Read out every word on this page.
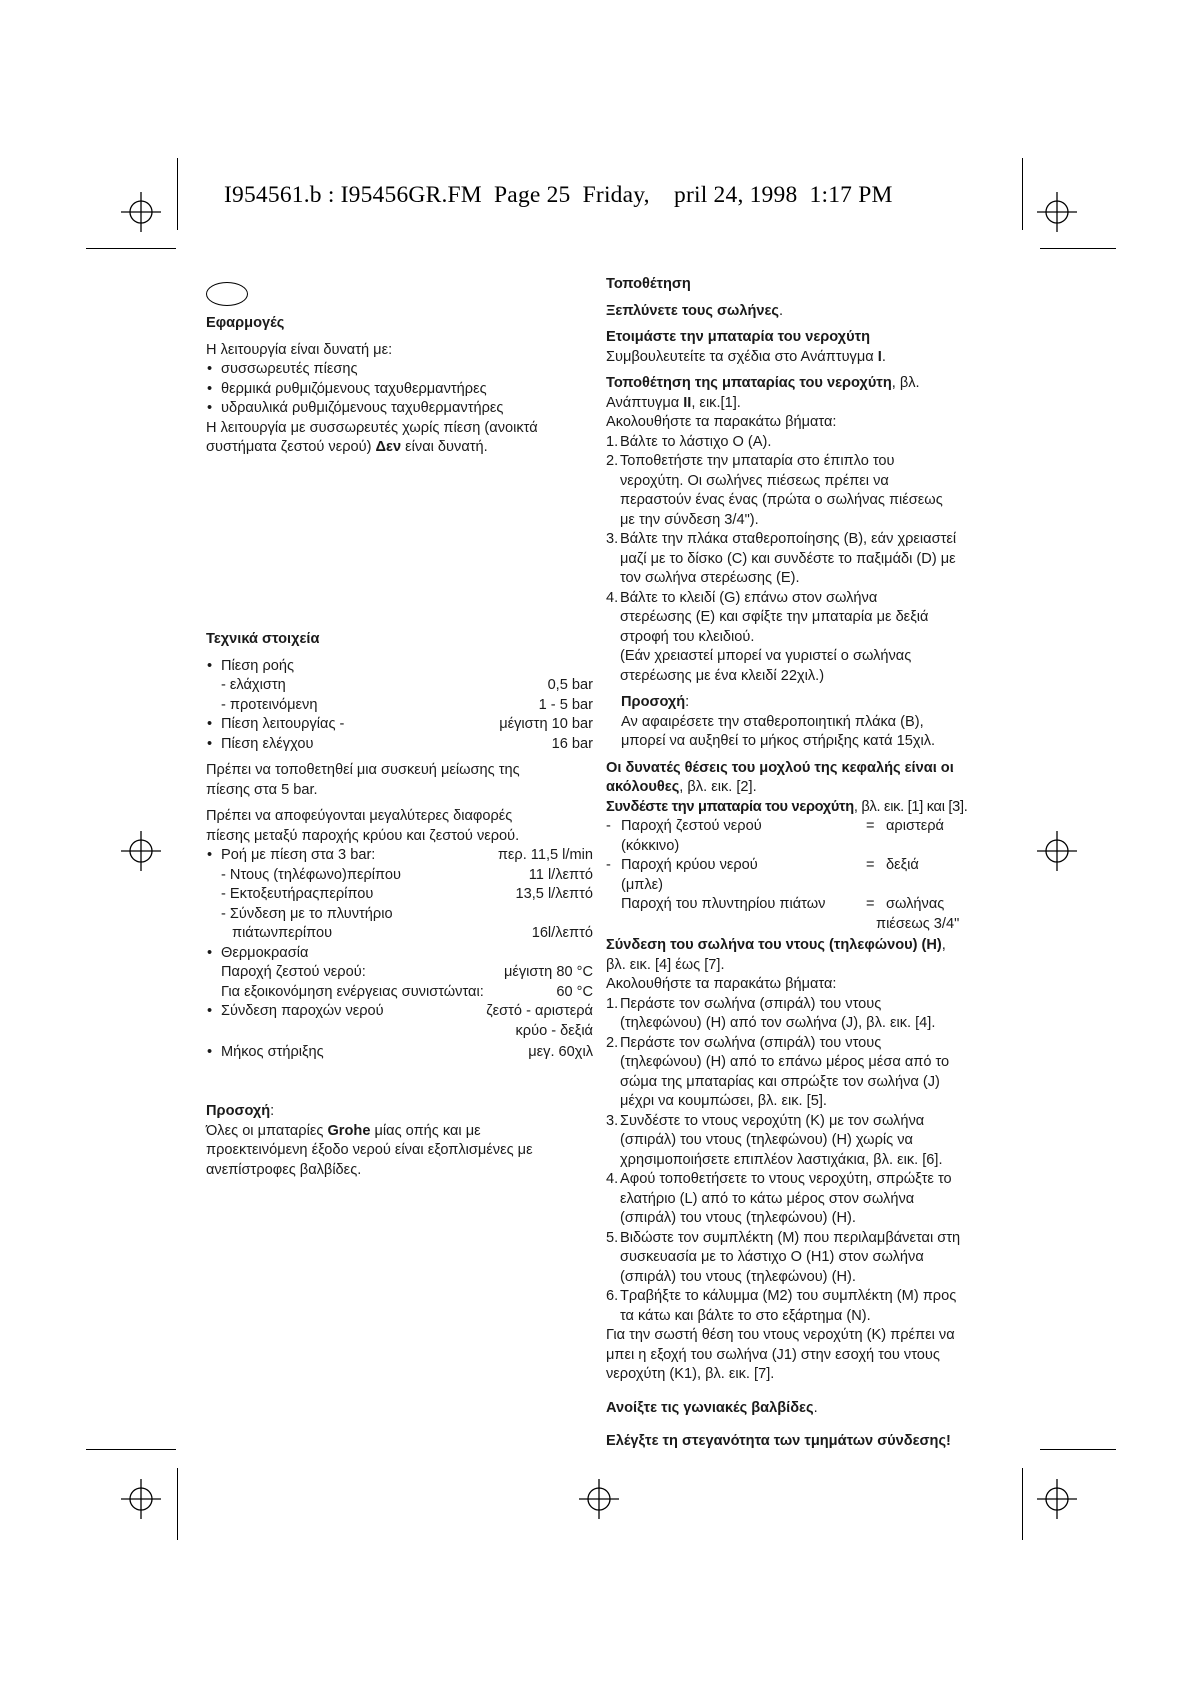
I954561.b : I95456GR.FM  Page 25  Friday,    pril 24, 1998  1:17 PM
Εφαρμογές
Η λειτουργία είναι δυνατή με:
• συσσωρευτές πίεσης
• θερμικά ρυθμιζόμενους ταχυθερμαντήρες
• υδραυλικά ρυθμιζόμενους ταχυθερμαντήρες
Η λειτουργία με συσσωρευτές χωρίς πίεση (ανοικτά
συστήματα ζεστού νερού) Δεν είναι δυνατή.
Τεχνικά στοιχεία
• Πίεση ροής
- ελάχιστη	0,5 bar
- προτεινόμενη	1 - 5 bar
• Πίεση λειτουργίας -	μέγιστη 10 bar
• Πίεση ελέγχου	16 bar
Πρέπει να τοποθετηθεί μια συσκευή μείωσης της
πίεσης στα 5 bar.
Πρέπει να αποφεύγονται μεγαλύτερες διαφορές
πίεσης μεταξύ παροχής κρύου και ζεστού νερού.
• Ροή με πίεση στα 3 bar:	περ. 11,5 l/min
- Ντους (τηλέφωνο)περίπου	11 l/λεπτό
- Εκτοξευτήραςπερίπου	13,5 l/λεπτό
- Σύνδεση με το πλυντήριο
πιάτωνπερίπου	16l/λεπτό
• Θερμοκρασία
Παροχή ζεστού νερού:	μέγιστη 80 °C
Για εξοικονόμηση ενέργειας συνιστώνται:	60 °C
• Σύνδεση παροχών νερού	ζεστό - αριστερά
κρύο - δεξιά
• Μήκος στήριξης	μεγ. 60χιλ
Προσοχή:
Όλες οι μπαταρίες Grohe μίας οπής και με
προεκτεινόμενη έξοδο νερού είναι εξοπλισμένες με
ανεπίστροφες βαλβίδες.
Τοποθέτηση
Ξεπλύνετε τους σωλήνες.
Ετοιμάστε την μπαταρία του νεροχύτη
Συμβουλευτείτε τα σχέδια στο Ανάπτυγμα I.
Τοποθέτηση της μπαταρίας του νεροχύτη, βλ.
Ανάπτυγμα II, εικ.[1].
Ακολουθήστε τα παρακάτω βήματα:
1. Βάλτε το λάστιχο O (A).
2. Τοποθετήστε την μπαταρία στο έπιπλο του
νεροχύτη. Οι σωλήνες πιέσεως πρέπει να
περαστούν ένας ένας (πρώτα ο σωλήνας πιέσεως
με την σύνδεση 3/4").
3. Βάλτε την πλάκα σταθεροποίησης (B), εάν χρειαστεί
μαζί με το δίσκο (C) και συνδέστε το παξιμάδι (D) με
τον σωλήνα στερέωσης (E).
4. Βάλτε το κλειδί (G) επάνω στον σωλήνα
στερέωσης (E) και σφίξτε την μπαταρία με δεξιά
στροφή του κλειδιού.
(Εάν χρειαστεί μπορεί να γυριστεί ο σωλήνας
στερέωσης με ένα κλειδί 22χιλ.)
Προσοχή:
Αν αφαιρέσετε την σταθεροποιητική πλάκα (B),
μπορεί να αυξηθεί το μήκος στήριξης κατά 15χιλ.
Οι δυνατές θέσεις του μοχλού της κεφαλής είναι οι
ακόλουθες, βλ. εικ. [2].
Συνδέστε την μπαταρία του νεροχύτη, βλ. εικ. [1] και [3].
- Παροχή ζεστού νερού	= αριστερά
(κόκκινο)
- Παροχή κρύου νερού	= δεξιά
(μπλε)
Παροχή του πλυντηρίου πιάτων	= σωλήνας
πιέσεως 3/4"
Σύνδεση του σωλήνα του ντους (τηλεφώνου) (H),
βλ. εικ. [4] έως [7].
Ακολουθήστε τα παρακάτω βήματα:
1. Περάστε τον σωλήνα (σπιράλ) του ντους
(τηλεφώνου) (H) από τον σωλήνα (J), βλ. εικ. [4].
2. Περάστε τον σωλήνα (σπιράλ) του ντους
(τηλεφώνου) (H) από το επάνω μέρος μέσα από το
σώμα της μπαταρίας και σπρώξτε τον σωλήνα (J)
μέχρι να κουμπώσει, βλ. εικ. [5].
3. Συνδέστε το ντους νεροχύτη (K) με τον σωλήνα
(σπιράλ) του ντους (τηλεφώνου) (H) χωρίς να
χρησιμοποιήσετε επιπλέον λαστιχάκια, βλ. εικ. [6].
4. Αφού τοποθετήσετε το ντους νεροχύτη, σπρώξτε το
ελατήριο (L) από το κάτω μέρος στον σωλήνα
(σπιράλ) του ντους (τηλεφώνου) (H).
5. Βιδώστε τον συμπλέκτη (M) που περιλαμβάνεται στη
συσκευασία με το λάστιχο O (H1) στον σωλήνα
(σπιράλ) του ντους (τηλεφώνου) (H).
6. Τραβήξτε το κάλυμμα (M2) του συμπλέκτη (M) προς
τα κάτω και βάλτε το στο εξάρτημα (N).
Για την σωστή θέση του ντους νεροχύτη (K) πρέπει να
μπει η εξοχή του σωλήνα (J1) στην εσοχή του ντους
νεροχύτη (K1), βλ. εικ. [7].
Ανοίξτε τις γωνιακές βαλβίδες.
Ελέγξτε τη στεγανότητα των τμημάτων σύνδεσης!
